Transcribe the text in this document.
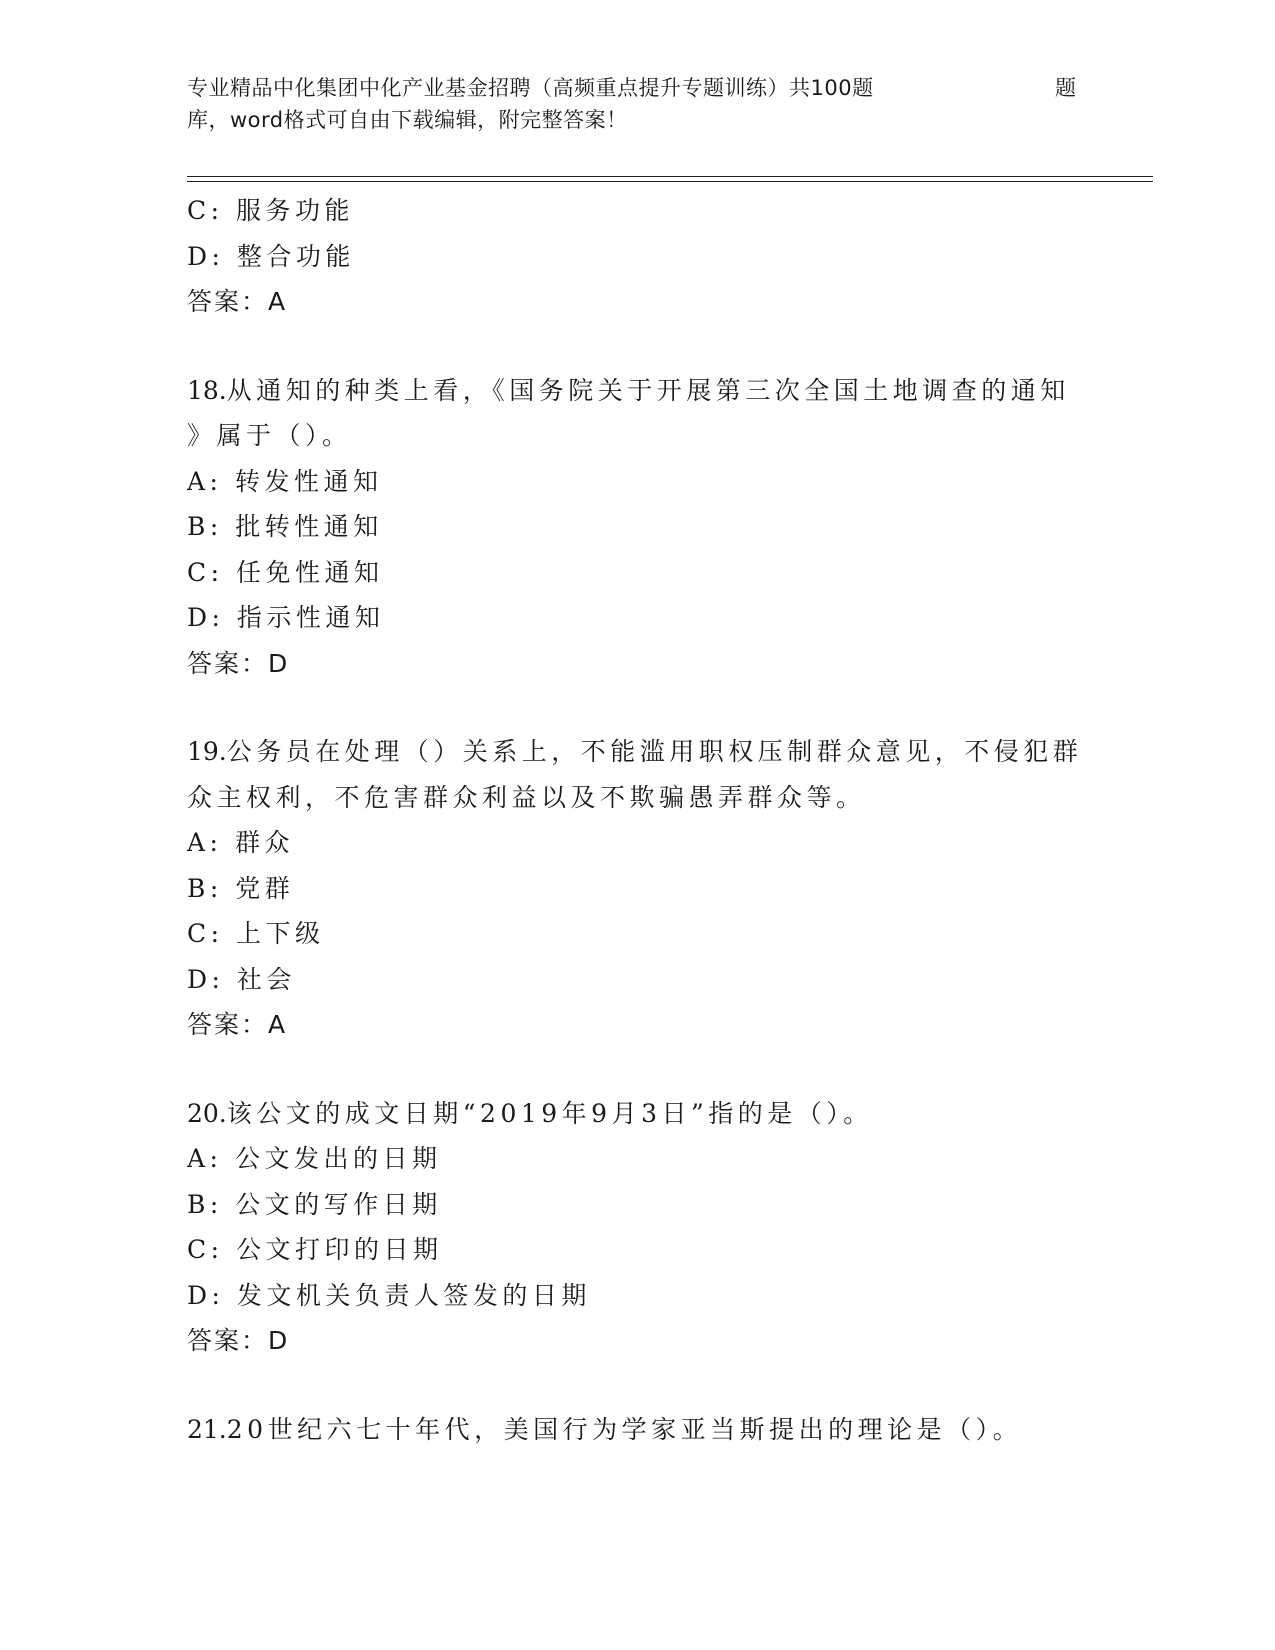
专业精品中化集团中化产业基金招聘（高频重点提升专题训练）共100题	题
库，word格式可自由下载编辑，附完整答案！
C: 服务功能
D: 整合功能
答案：A
18.从通知的种类上看，《国务院关于开展第三次全国土地调查的通知
》属于（）。
A: 转发性通知
B: 批转性通知
C: 任免性通知
D: 指示性通知
答案：D
19.公务员在处理（）关系上，不能滥用职权压制群众意见，不侵犯群
众主权利，不危害群众利益以及不欺骗愚弄群众等。
A: 群众
B: 党群
C: 上下级
D: 社会
答案：A
20.该公文的成文日期“2019年9月3日”指的是（）。
A: 公文发出的日期
B: 公文的写作日期
C: 公文打印的日期
D: 发文机关负责人签发的日期
答案：D
21.20世纪六七十年代，美国行为学家亚当斯提出的理论是（）。
